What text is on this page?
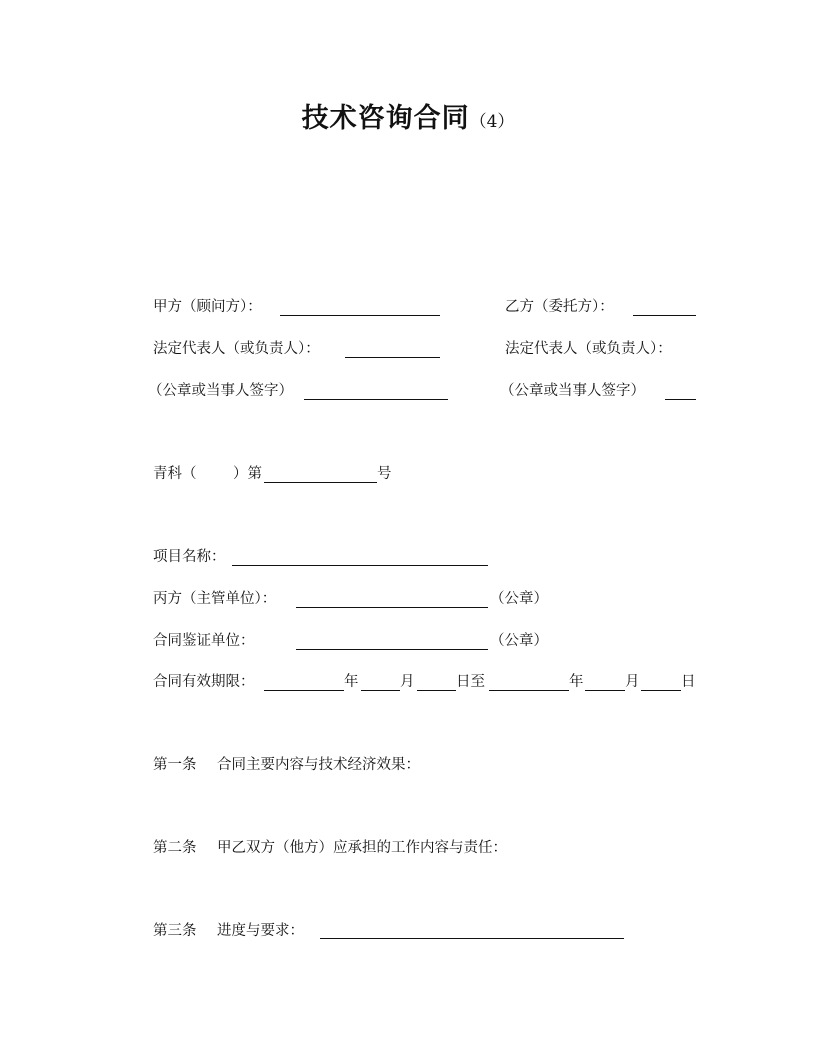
技术咨询合同（4）
甲方（顾问方）：	乙方（委托方）：
法定代表人（或负责人）：	法定代表人（或负责人）：
（公章或当事人签字）	（公章或当事人签字）
青科（	）第	号
项目名称：
丙方（主管单位）：	（公章）
合同鉴证单位：	（公章）
合同有效期限：	年	月	日至	年	月	日
第一条 合同主要内容与技术经济效果：
第二条 甲乙双方（他方）应承担的工作内容与责任：
第三条 进度与要求：
